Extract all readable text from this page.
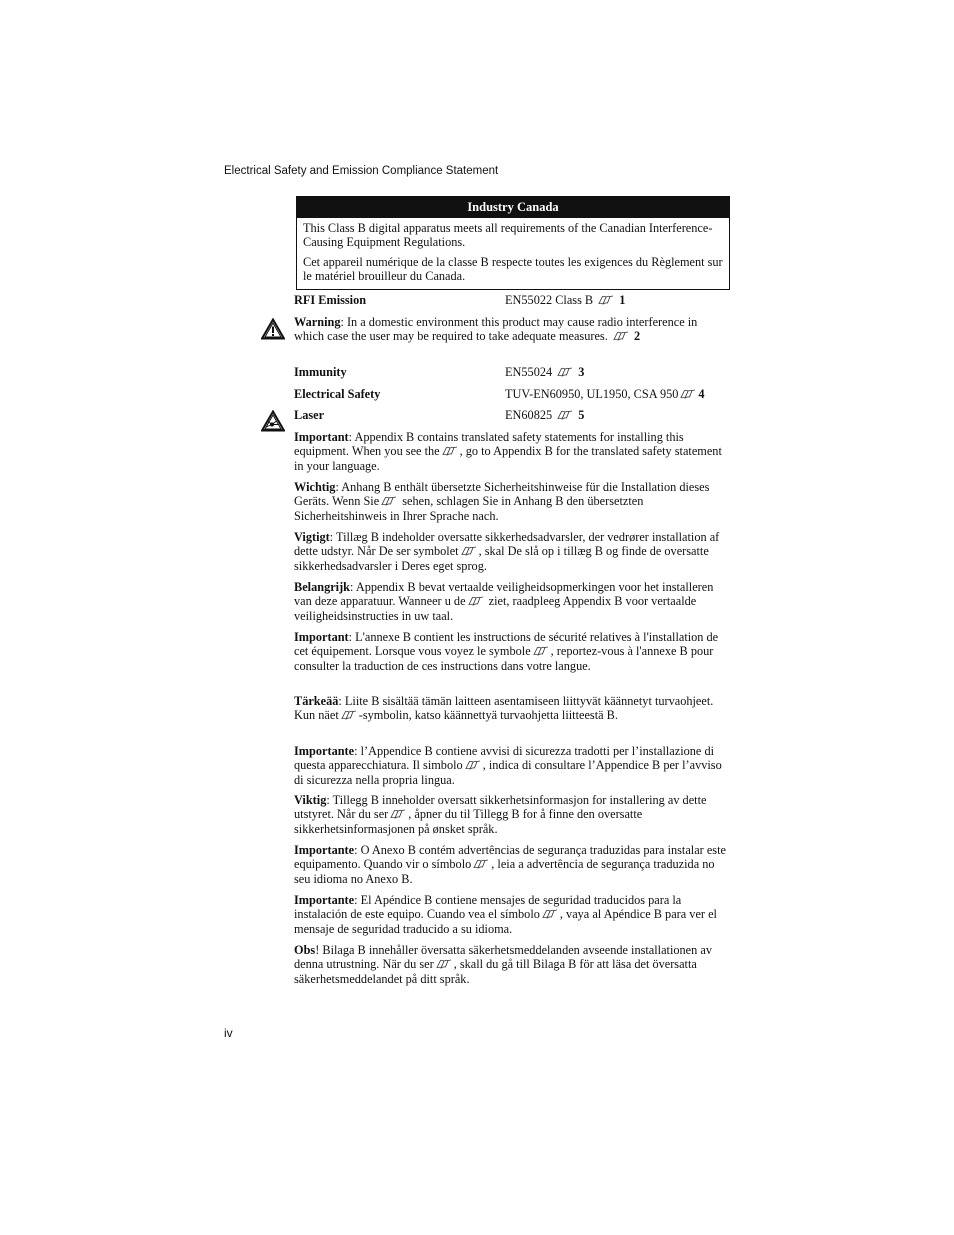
Electrical Safety and Emission Compliance Statement
Industry Canada

This Class B digital apparatus meets all requirements of the Canadian Interference-Causing Equipment Regulations.

Cet appareil numérique de la classe B respecte toutes les exigences du Règlement sur le matériel brouilleur du Canada.

RFI Emission	EN55022 Class B 1

Warning: In a domestic environment this product may cause radio interference in which case the user may be required to take adequate measures. 2

Immunity	EN55024 3
Electrical Safety	TUV-EN60950, UL1950, CSA 950 4
Laser	EN60825 5

Important: Appendix B contains translated safety statements for installing this equipment. When you see the , go to Appendix B for the translated safety statement in your language.

Wichtig: Anhang B enthält übersetzte Sicherheitshinweise für die Installation dieses Geräts. Wenn Sie
sehen, schlagen Sie in Anhang B den übersetzten Sicherheitshinweis in Ihrer Sprache nach.

Vigtigt: Tillæg B indeholder oversatte sikkerhedsadvarsler, der vedrører installation af dette udstyr. Når De ser symbolet , skal De slå op i tillæg B og finde de oversatte sikkerhedsadvarsler i Deres eget sprog.

Belangrijk: Appendix B bevat vertaalde veiligheidsopmerkingen voor het installeren van deze apparatuur. Wanneer u de
ziet, raadpleeg Appendix B voor vertaalde veiligheidsinstructies in uw taal.

Important: L'annexe B contient les instructions de sécurité relatives à l'installation de cet équipement. Lorsque vous voyez le symbole , reportez-vous à l'annexe B pour consulter la traduction de ces instructions dans votre langue.

Tärkeää: Liite B sisältää tämän laitteen asentamiseen liittyvät käännetyt turvaohjeet. Kun näet -symbolin, katso käännettyä turvaohjetta liitteestä B.

Importante: l’Appendice B contiene avvisi di sicurezza tradotti per l’installazione di questa apparecchiatura. Il simbolo , indica di consultare l’Appendice B per l’avviso di sicurezza nella propria lingua.

Viktig: Tillegg B inneholder oversatt sikkerhetsinformasjon for installering av dette utstyret. Når du ser , åpner du til Tillegg B for å finne den oversatte sikkerhetsinformasjonen på ønsket språk.

Importante: O Anexo B contém advertências de segurança traduzidas para instalar este equipamento. Quando vir o símbolo , leia a advertência de segurança traduzida no seu idioma no Anexo B.

Importante: El Apéndice B contiene mensajes de seguridad traducidos para la instalación de este equipo. Cuando vea el símbolo , vaya al Apéndice B para ver el mensaje de seguridad traducido a su idioma.

Obs! Bilaga B innehåller översatta säkerhetsmeddelanden avseende installationen av denna utrustning. När du ser , skall du gå till Bilaga B för att läsa det översatta säkerhetsmeddelandet på ditt språk.

iv
